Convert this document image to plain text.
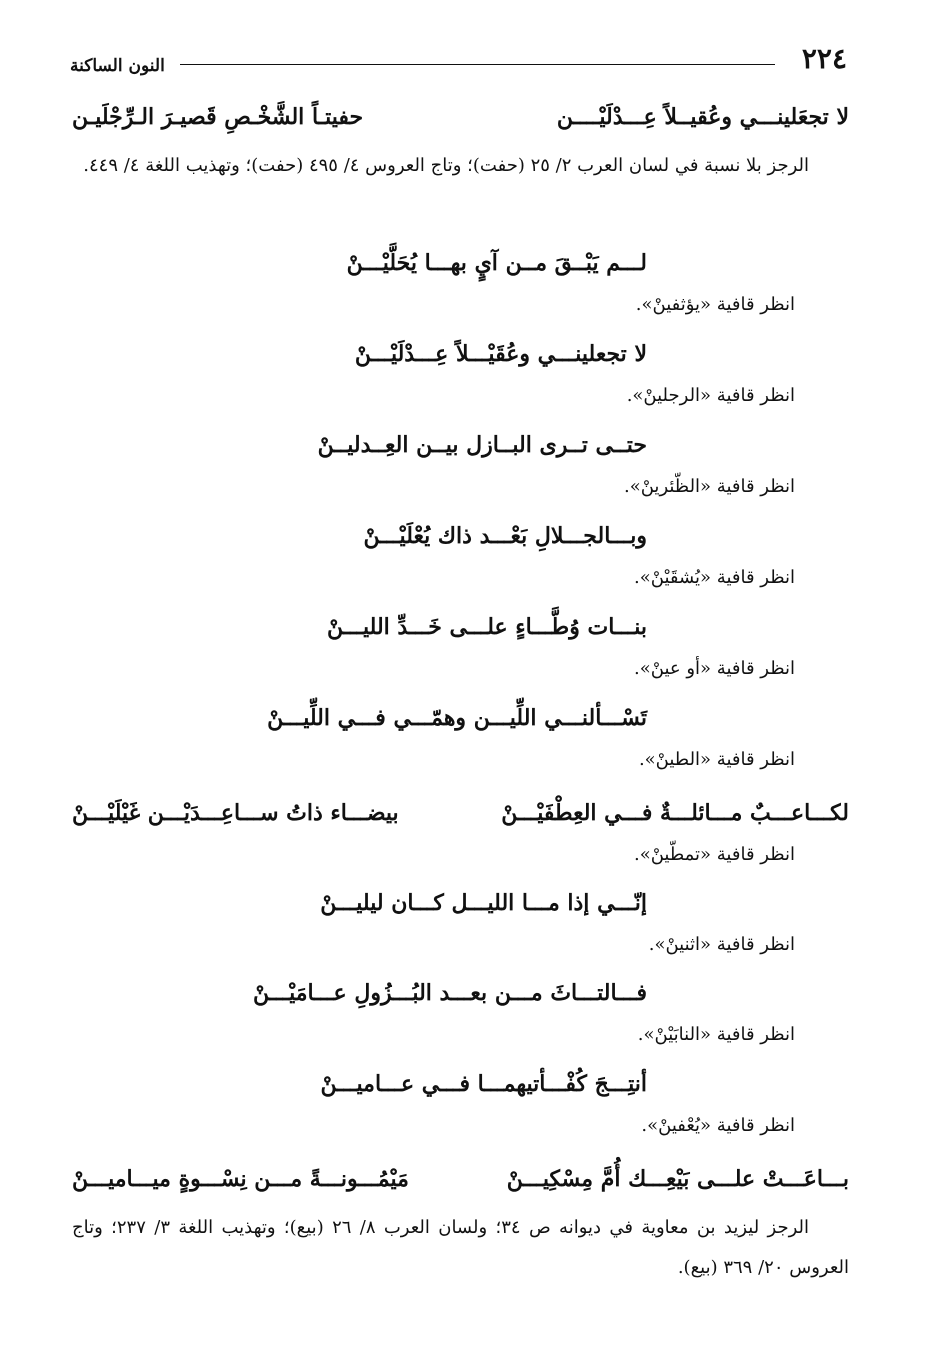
٢٢٤
النون الساكنة
لا تجعَلينـــي وعُقيــلاً عِـــدْلَيْــــن
حفيتـاً الشَّخْـصِ قَصيـرَ الـرِّجْلَيـن
الرجز بلا نسبة في لسان العرب ٢/ ٢٥ (حفت)؛ وتاج العروس ٤/ ٤٩٥ (حفت)؛ وتهذيب اللغة ٤/ ٤٤٩.
لـــم يَبْــقَ مــن آيٍ بهـــا يُحَلَّيْـــنْ
انظر قافية «يؤثفينْ».
لا تجعلينـــي وعُقَيْـــلاً عِـــدْلَيْـــنْ
انظر قافية «الرجلينْ».
حتــى تــرى البــازل بيــن العِــدليــنْ
انظر قافية «الظّئرينْ».
وبـــالجـــلالِ بَعْـــد ذاك يُعْلَيْـــنْ
انظر قافية «يُشقَيْنْ».
بنـــات وُطَّـــاءٍ علـــى خَـــدِّ الليـــنْ
انظر قافية «أو عينْ».
تَسْـــألنـــي اللِّيـــن وهمّـــي فـــي اللِّيـــنْ
انظر قافية «الطينْ».
لكـــاعـــبٌ مـــائلـــةٌ فـــي العِطْفَيْـــنْ
بيضـــاء ذاتُ ســـاعِـــدَيْـــن غَيْلَيْـــنْ
انظر قافية «تمطّينْ».
إنّـــي إذا مـــا الليـــل كـــان ليليـــنْ
انظر قافية «اثنينْ».
فـــالتـــاثَ مـــن بعـــد البُـــزُولِ عـــامَيْـــنْ
انظر قافية «النابَيْنْ».
أنتِـــجَ كُفْـــأتيهمـــا فـــي عـــاميـــنْ
انظر قافية «يُعْفينْ».
بـــاعَـــتْ علـــى بَيْعِـــك أُمَّ مِسْكِيـــنْ
مَيْمُـــونـــةً مـــن نِسْـــوةٍ ميـــاميـــنْ
الرجز ليزيد بن معاوية في ديوانه ص ٣٤؛ ولسان العرب ٨/ ٢٦ (بيع)؛ وتهذيب اللغة ٣/ ٢٣٧؛ وتاج العروس ٢٠/ ٣٦٩ (بيع).
